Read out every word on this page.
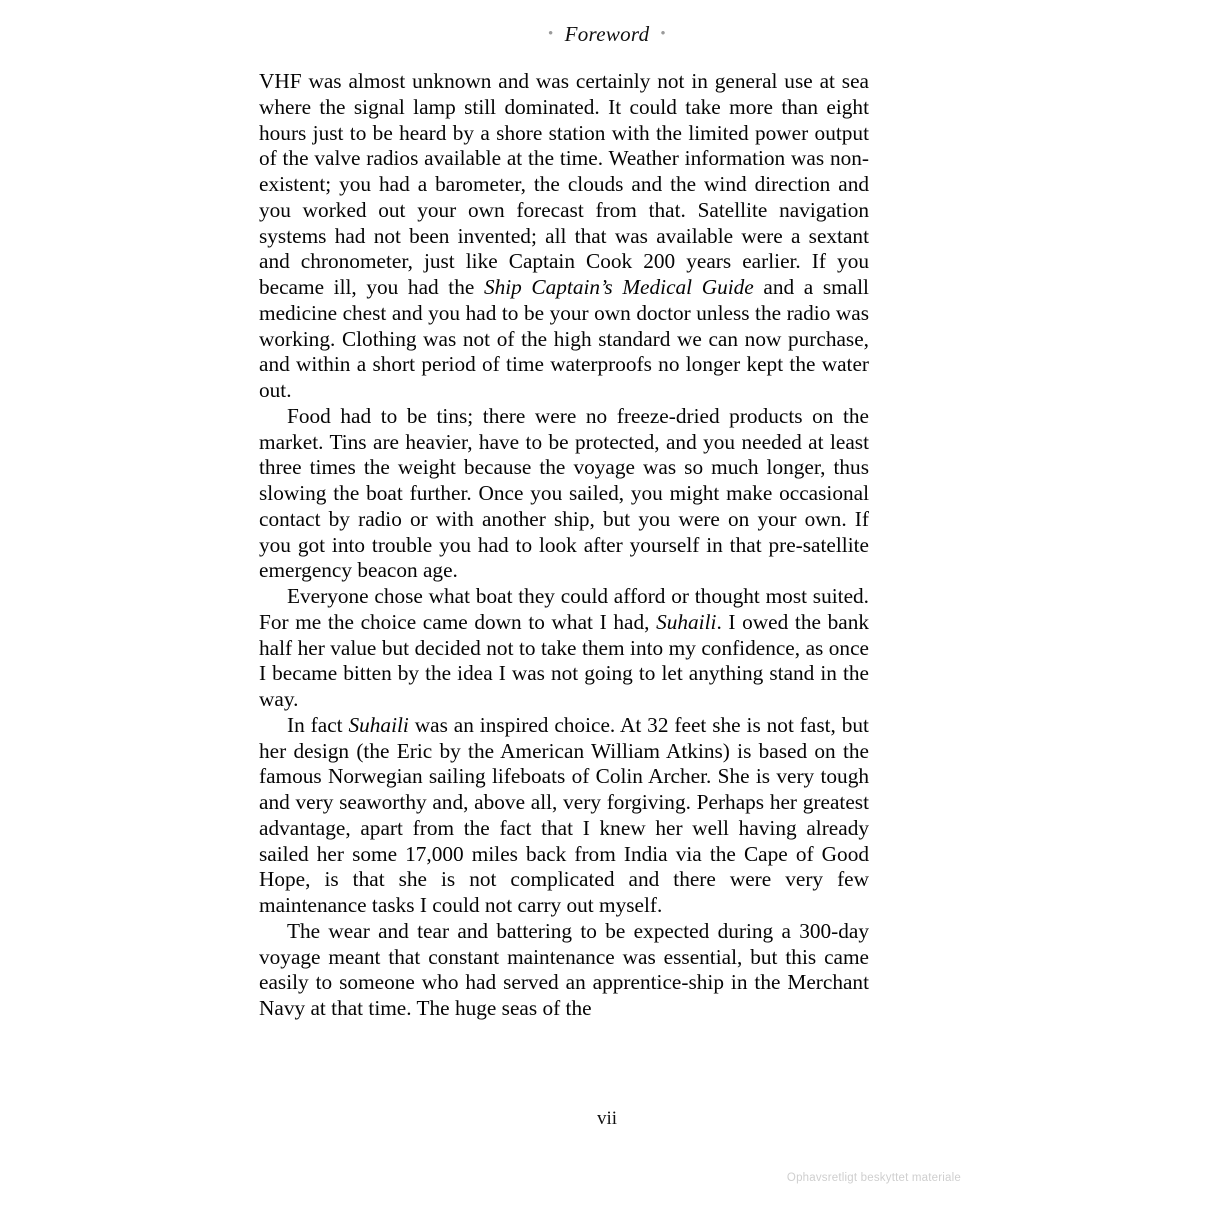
• Foreword •

VHF was almost unknown and was certainly not in general use at sea where the signal lamp still dominated. It could take more than eight hours just to be heard by a shore station with the limited power output of the valve radios available at the time. Weather information was non-existent; you had a barometer, the clouds and the wind direction and you worked out your own forecast from that. Satellite navigation systems had not been invented; all that was available were a sextant and chronometer, just like Captain Cook 200 years earlier. If you became ill, you had the Ship Captain’s Medical Guide and a small medicine chest and you had to be your own doctor unless the radio was working. Clothing was not of the high standard we can now purchase, and within a short period of time waterproofs no longer kept the water out.

Food had to be tins; there were no freeze-dried products on the market. Tins are heavier, have to be protected, and you needed at least three times the weight because the voyage was so much longer, thus slowing the boat further. Once you sailed, you might make occasional contact by radio or with another ship, but you were on your own. If you got into trouble you had to look after yourself in that pre-satellite emergency beacon age.

Everyone chose what boat they could afford or thought most suited. For me the choice came down to what I had, Suhaili. I owed the bank half her value but decided not to take them into my confidence, as once I became bitten by the idea I was not going to let anything stand in the way.

In fact Suhaili was an inspired choice. At 32 feet she is not fast, but her design (the Eric by the American William Atkins) is based on the famous Norwegian sailing lifeboats of Colin Archer. She is very tough and very seaworthy and, above all, very forgiving. Perhaps her greatest advantage, apart from the fact that I knew her well having already sailed her some 17,000 miles back from India via the Cape of Good Hope, is that she is not complicated and there were very few maintenance tasks I could not carry out myself.

The wear and tear and battering to be expected during a 300-day voyage meant that constant maintenance was essential, but this came easily to someone who had served an apprentice-ship in the Merchant Navy at that time. The huge seas of the

vii
Ophavsretligt beskyttet materiale
